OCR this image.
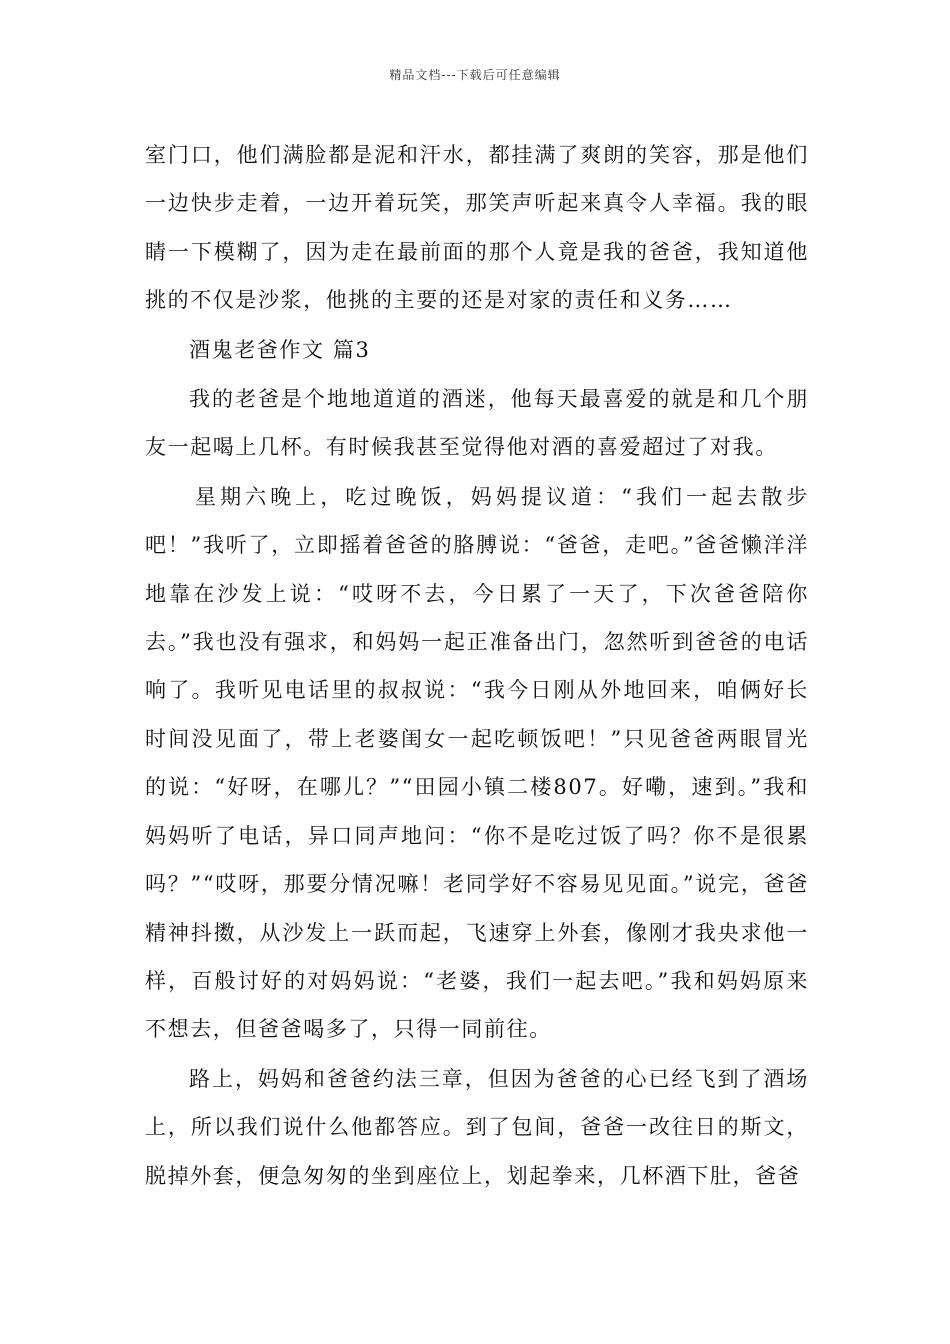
精品文档---下载后可任意编辑

室门口，他们满脸都是泥和汗水，都挂满了爽朗的笑容，那是他们一边快步走着，一边开着玩笑，那笑声听起来真令人幸福。我的眼睛一下模糊了，因为走在最前面的那个人竟是我的爸爸，我知道他挑的不仅是沙浆，他挑的主要的还是对家的责任和义务……

酒鬼老爸作文 篇3

我的老爸是个地地道道的酒迷，他每天最喜爱的就是和几个朋友一起喝上几杯。有时候我甚至觉得他对酒的喜爱超过了对我。

星期六晚上，吃过晚饭，妈妈提议道：“我们一起去散步吧！”我听了，立即摇着爸爸的胳膊说：“爸爸，走吧。”爸爸懒洋洋地靠在沙发上说：“哎呀不去，今日累了一天了，下次爸爸陪你去。”我也没有强求，和妈妈一起正准备出门，忽然听到爸爸的电话响了。我听见电话里的叔叔说：“我今日刚从外地回来，咱俩好长时间没见面了，带上老婆闺女一起吃顿饭吧！”只见爸爸两眼冒光的说：“好呀，在哪儿？”“田园小镇二楼807。好嘞，速到。”我和妈妈听了电话，异口同声地问：“你不是吃过饭了吗？你不是很累吗？”“哎呀，那要分情况嘛！老同学好不容易见见面。”说完，爸爸精神抖擞，从沙发上一跃而起，飞速穿上外套，像刚才我央求他一样，百般讨好的对妈妈说：“老婆，我们一起去吧。”我和妈妈原来不想去，但爸爸喝多了，只得一同前往。

路上，妈妈和爸爸约法三章，但因为爸爸的心已经飞到了酒场上，所以我们说什么他都答应。到了包间，爸爸一改往日的斯文，脱掉外套，便急匆匆的坐到座位上，划起拳来，几杯酒下肚，爸爸
